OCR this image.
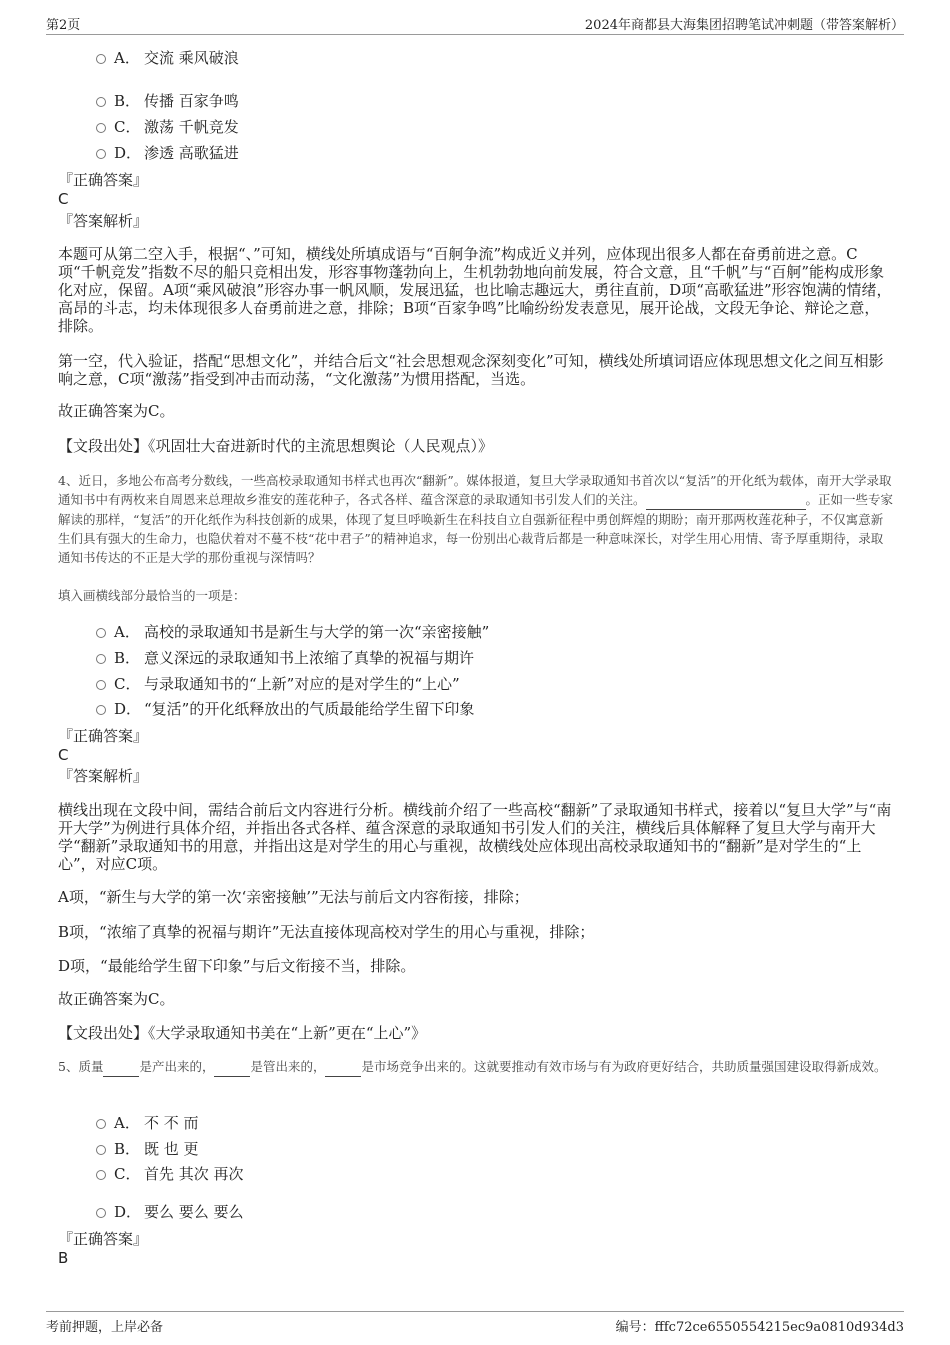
第2页	2024年商都县大海集团招聘笔试冲刺题（带答案解析）
A． 交流 乘风破浪
B． 传播 百家争鸣
C． 激荡 千帆竞发
D． 渗透 高歌猛进
『正确答案』
C
『答案解析』
本题可从第二空入手，根据“、”可知，横线处所填成语与“百舸争流”构成近义并列，应体现出很多人都在奋勇前进之意。C项“千帆竞发”指数不尽的船只竞相出发，形容事物蓬勃向上，生机勃勃地向前发展，符合文意，且“千帆”与“百舸”能构成形象化对应，保留。A项“乘风破浪”形容办事一帆风顺，发展迅猛，也比喻志趣远大，勇往直前，D项“高歌猛进”形容饱满的情绪，高昂的斗志，均未体现很多人奋勇前进之意，排除；B项“百家争鸣”比喻纷纷发表意见，展开论战，文段无争论、辩论之意，排除。
第一空，代入验证，搭配“思想文化”，并结合后文“社会思想观念深刻变化”可知，横线处所填词语应体现思想文化之间互相影响之意，C项“激荡”指受到冲击而动荡，“文化激荡”为惯用搭配，当选。
故正确答案为C。
【文段出处】《巩固壮大奋进新时代的主流思想舆论（人民观点）》
4、近日，多地公布高考分数线，一些高校录取通知书样式也再次“翻新”。媒体报道，复旦大学录取通知书首次以“复活”的开化纸为载体，南开大学录取通知书中有两枚来自周恩来总理故乡淮安的莲花种子，各式各样、蕴含深意的录取通知书引发人们的关注。	。正如一些专家解读的那样，“复活”的开化纸作为科技创新的成果，体现了复旦呼唤新生在科技自立自强新征程中勇创辉煌的期盼；南开那两枚莲花种子，不仅寓意新生们具有强大的生命力，也隐伏着对不蔓不枝“花中君子”的精神追求，每一份别出心裁背后都是一种意味深长，对学生用心用情、寄予厚重期待，录取通知书传达的不正是大学的那份重视与深情吗？
填入画横线部分最恰当的一项是：
A． 高校的录取通知书是新生与大学的第一次“亲密接触”
B． 意义深远的录取通知书上浓缩了真挚的祝福与期许
C． 与录取通知书的“上新”对应的是对学生的“上心”
D． “复活”的开化纸释放出的气质最能给学生留下印象
『正确答案』
C
『答案解析』
横线出现在文段中间，需结合前后文内容进行分析。横线前介绍了一些高校“翻新”了录取通知书样式，接着以“复旦大学”与“南开大学”为例进行具体介绍，并指出各式各样、蕴含深意的录取通知书引发人们的关注，横线后具体解释了复旦大学与南开大学“翻新”录取通知书的用意，并指出这是对学生的用心与重视，故横线处应体现出高校录取通知书的“翻新”是对学生的“上心”，对应C项。
A项，“新生与大学的第一次‘亲密接触’”无法与前后文内容衔接，排除；
B项，“浓缩了真挚的祝福与期许”无法直接体现高校对学生的用心与重视，排除；
D项，“最能给学生留下印象”与后文衔接不当，排除。
故正确答案为C。
【文段出处】《大学录取通知书美在“上新”更在“上心”》
5、质量	是产出来的，	是管出来的，	是市场竞争出来的。这就要推动有效市场与有为政府更好结合，共助质量强国建设取得新成效。
A． 不 不 而
B． 既 也 更
C． 首先 其次 再次
D． 要么 要么 要么
『正确答案』
B
考前押题，上岸必备	编号：fffc72ce6550554215ec9a0810d934d3
